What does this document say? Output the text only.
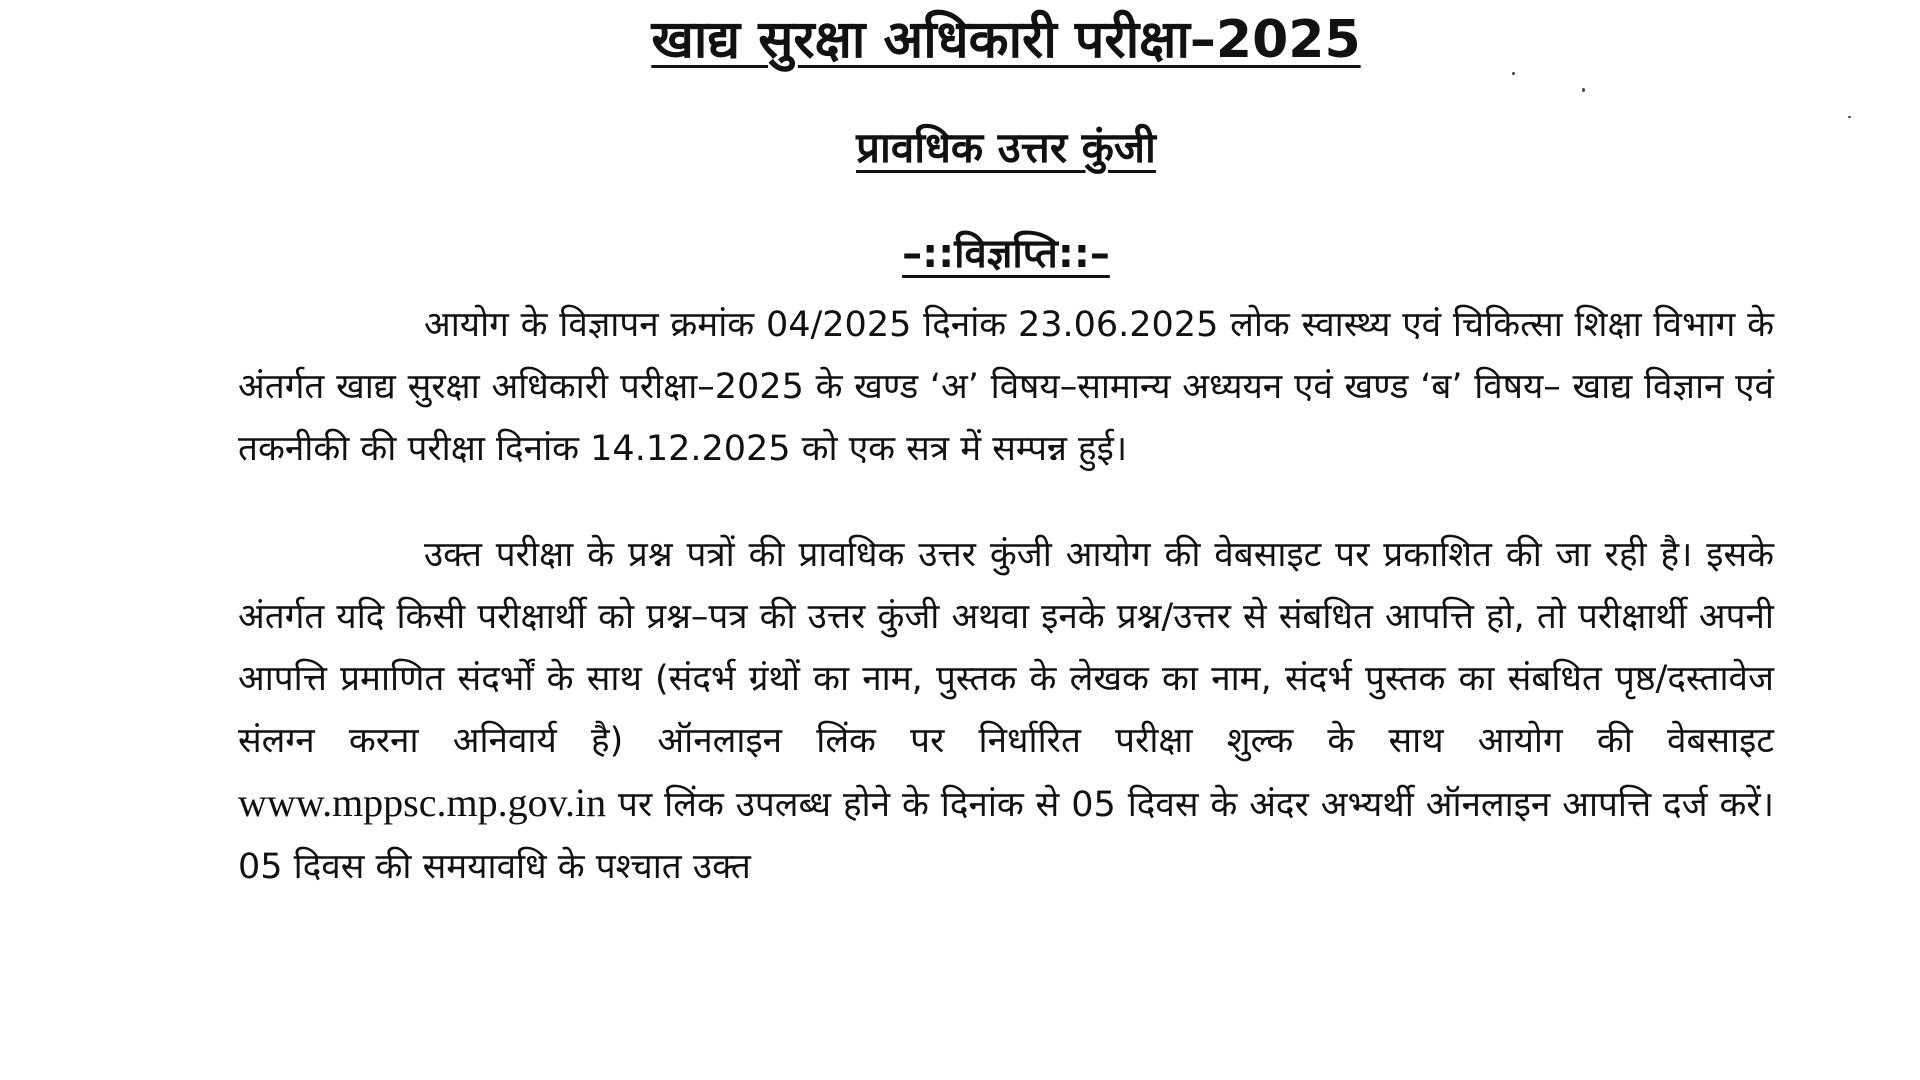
खाद्य सुरक्षा अधिकारी परीक्षा–2025
प्रावधिक उत्तर कुंजी
–::विज्ञप्ति::–

आयोग के विज्ञापन क्रमांक 04/2025 दिनांक 23.06.2025 लोक स्वास्थ्य एवं चिकित्सा शिक्षा विभाग के अंतर्गत खाद्य सुरक्षा अधिकारी परीक्षा–2025 के खण्ड ‘अ’ विषय–सामान्य अध्ययन एवं खण्ड ‘ब’ विषय– खाद्य विज्ञान एवं तकनीकी की परीक्षा दिनांक 14.12.2025 को एक सत्र में सम्पन्न हुई।

उक्त परीक्षा के प्रश्न पत्रों की प्रावधिक उत्तर कुंजी आयोग की वेबसाइट पर प्रकाशित की जा रही है। इसके अंतर्गत यदि किसी परीक्षार्थी को प्रश्न–पत्र की उत्तर कुंजी अथवा इनके प्रश्न/उत्तर से संबधित आपत्ति हो, तो परीक्षार्थी अपनी आपत्ति प्रमाणित संदर्भों के साथ (संदर्भ ग्रंथों का नाम, पुस्तक के लेखक का नाम, संदर्भ पुस्तक का संबधित पृष्ठ/दस्तावेज संलग्न करना अनिवार्य है) ऑनलाइन लिंक पर निर्धारित परीक्षा शुल्क के साथ आयोग की वेबसाइट www.mppsc.mp.gov.in पर लिंक उपलब्ध होने के दिनांक से 05 दिवस के अंदर अभ्यर्थी ऑनलाइन आपत्ति दर्ज करें। 05 दिवस की समयावधि के पश्चात उक्त
